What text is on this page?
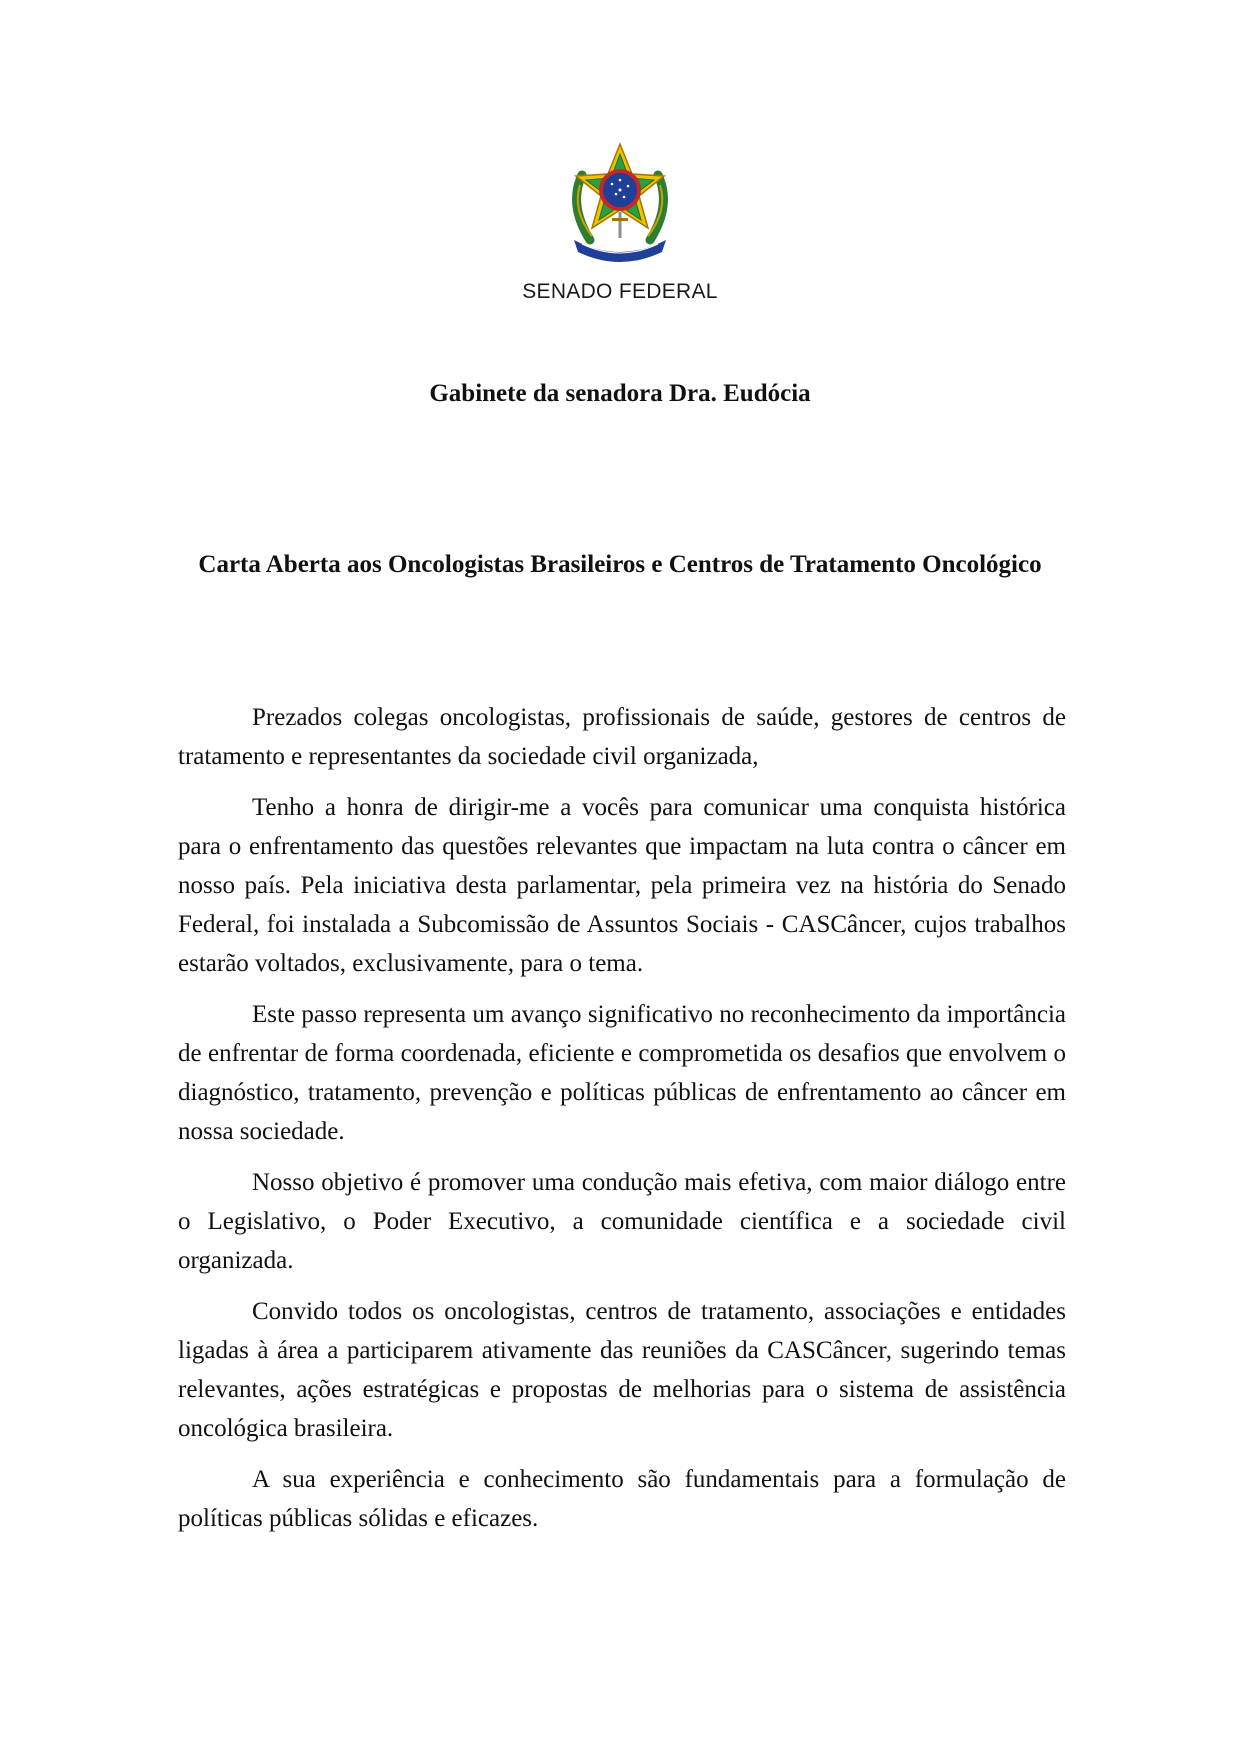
SENADO FEDERAL
Gabinete da senadora Dra. Eudócia
Carta Aberta aos Oncologistas Brasileiros e Centros de Tratamento Oncológico

Prezados colegas oncologistas, profissionais de saúde, gestores de centros de tratamento e representantes da sociedade civil organizada,

Tenho a honra de dirigir-me a vocês para comunicar uma conquista histórica para o enfrentamento das questões relevantes que impactam na luta contra o câncer em nosso país. Pela iniciativa desta parlamentar, pela primeira vez na história do Senado Federal, foi instalada a Subcomissão de Assuntos Sociais - CASCâncer, cujos trabalhos estarão voltados, exclusivamente, para o tema.

Este passo representa um avanço significativo no reconhecimento da importância de enfrentar de forma coordenada, eficiente e comprometida os desafios que envolvem o diagnóstico, tratamento, prevenção e políticas públicas de enfrentamento ao câncer em nossa sociedade.

Nosso objetivo é promover uma condução mais efetiva, com maior diálogo entre o Legislativo, o Poder Executivo, a comunidade científica e a sociedade civil organizada.

Convido todos os oncologistas, centros de tratamento, associações e entidades ligadas à área a participarem ativamente das reuniões da CASCâncer, sugerindo temas relevantes, ações estratégicas e propostas de melhorias para o sistema de assistência oncológica brasileira.

A sua experiência e conhecimento são fundamentais para a formulação de políticas públicas sólidas e eficazes.
